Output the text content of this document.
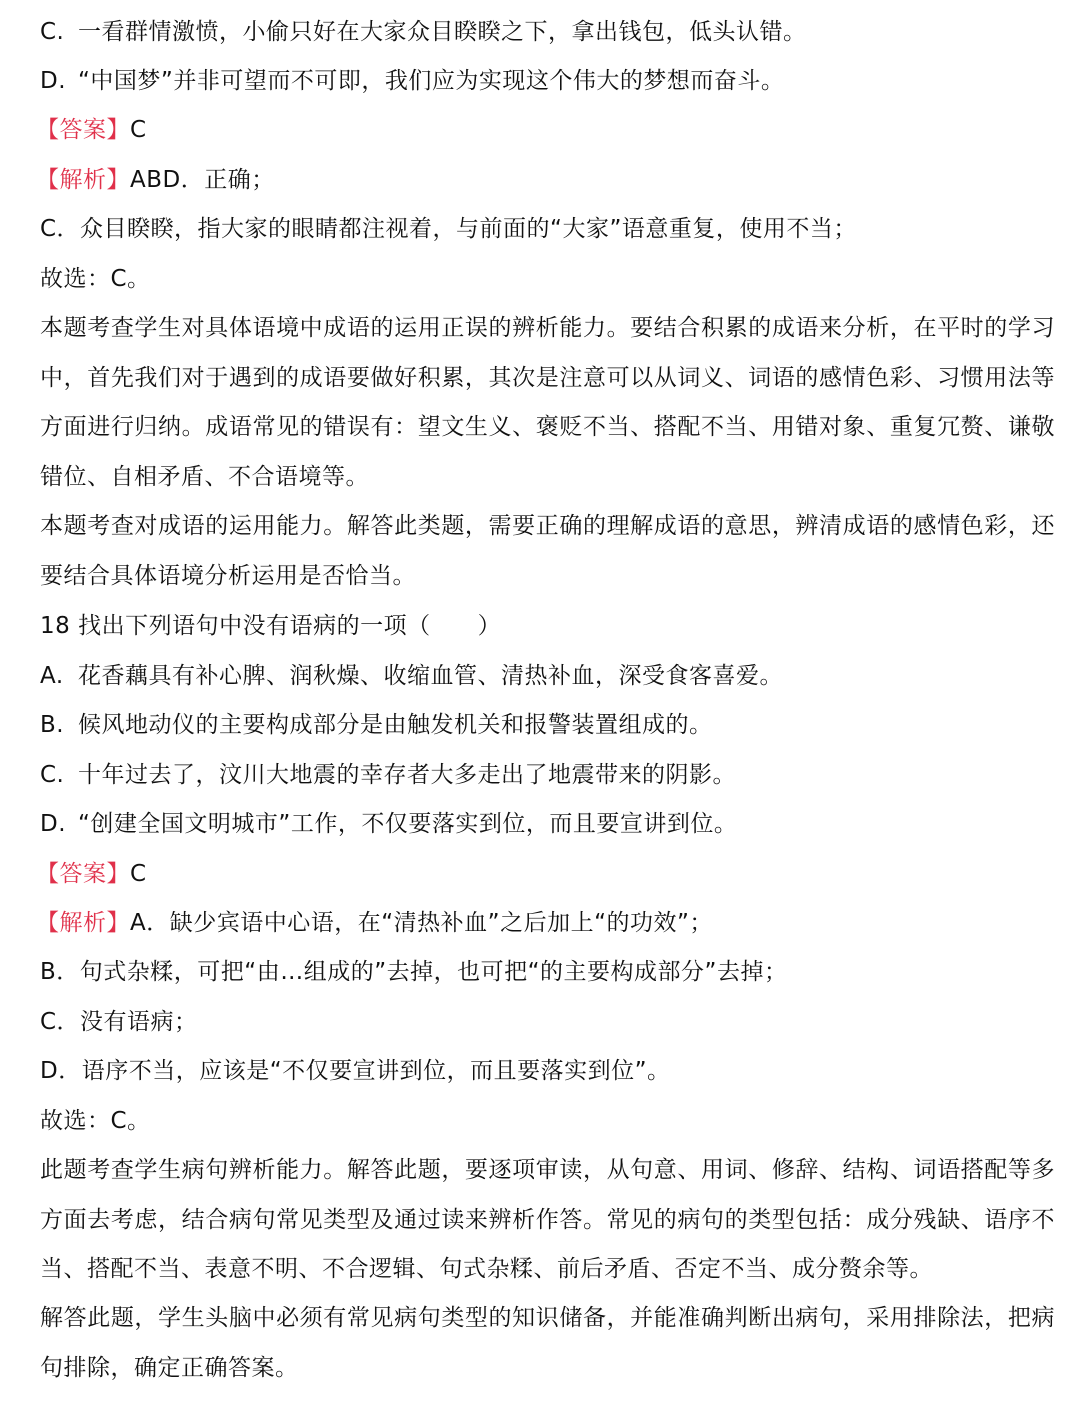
C. 一看群情激愤，小偷只好在大家众目睽睽之下，拿出钱包，低头认错。
D. “中国梦”并非可望而不可即，我们应为实现这个伟大的梦想而奋斗。
【答案】C
【解析】ABD．正确；
C．众目睽睽，指大家的眼睛都注视着，与前面的“大家”语意重复，使用不当；
故选：C。
本题考查学生对具体语境中成语的运用正误的辨析能力。要结合积累的成语来分析，在平时的学习中，首先我们对于遇到的成语要做好积累，其次是注意可以从词义、词语的感情色彩、习惯用法等方面进行归纳。成语常见的错误有：望文生义、褒贬不当、搭配不当、用错对象、重复冗赘、谦敬错位、自相矛盾、不合语境等。
本题考查对成语的运用能力。解答此类题，需要正确的理解成语的意思，辨清成语的感情色彩，还要结合具体语境分析运用是否恰当。
18 找出下列语句中没有语病的一项（　　）
A. 花香藕具有补心脾、润秋燥、收缩血管、清热补血，深受食客喜爱。
B. 候风地动仪的主要构成部分是由触发机关和报警装置组成的。
C. 十年过去了，汶川大地震的幸存者大多走出了地震带来的阴影。
D. “创建全国文明城市”工作，不仅要落实到位，而且要宣讲到位。
【答案】C
【解析】A．缺少宾语中心语，在“清热补血”之后加上“的功效”；
B．句式杂糅，可把“由…组成的”去掉，也可把“的主要构成部分”去掉；
C．没有语病；
D．语序不当，应该是“不仅要宣讲到位，而且要落实到位”。
故选：C。
此题考查学生病句辨析能力。解答此题，要逐项审读，从句意、用词、修辞、结构、词语搭配等多方面去考虑，结合病句常见类型及通过读来辨析作答。常见的病句的类型包括：成分残缺、语序不当、搭配不当、表意不明、不合逻辑、句式杂糅、前后矛盾、否定不当、成分赘余等。
解答此题，学生头脑中必须有常见病句类型的知识储备，并能准确判断出病句，采用排除法，把病句排除，确定正确答案。
